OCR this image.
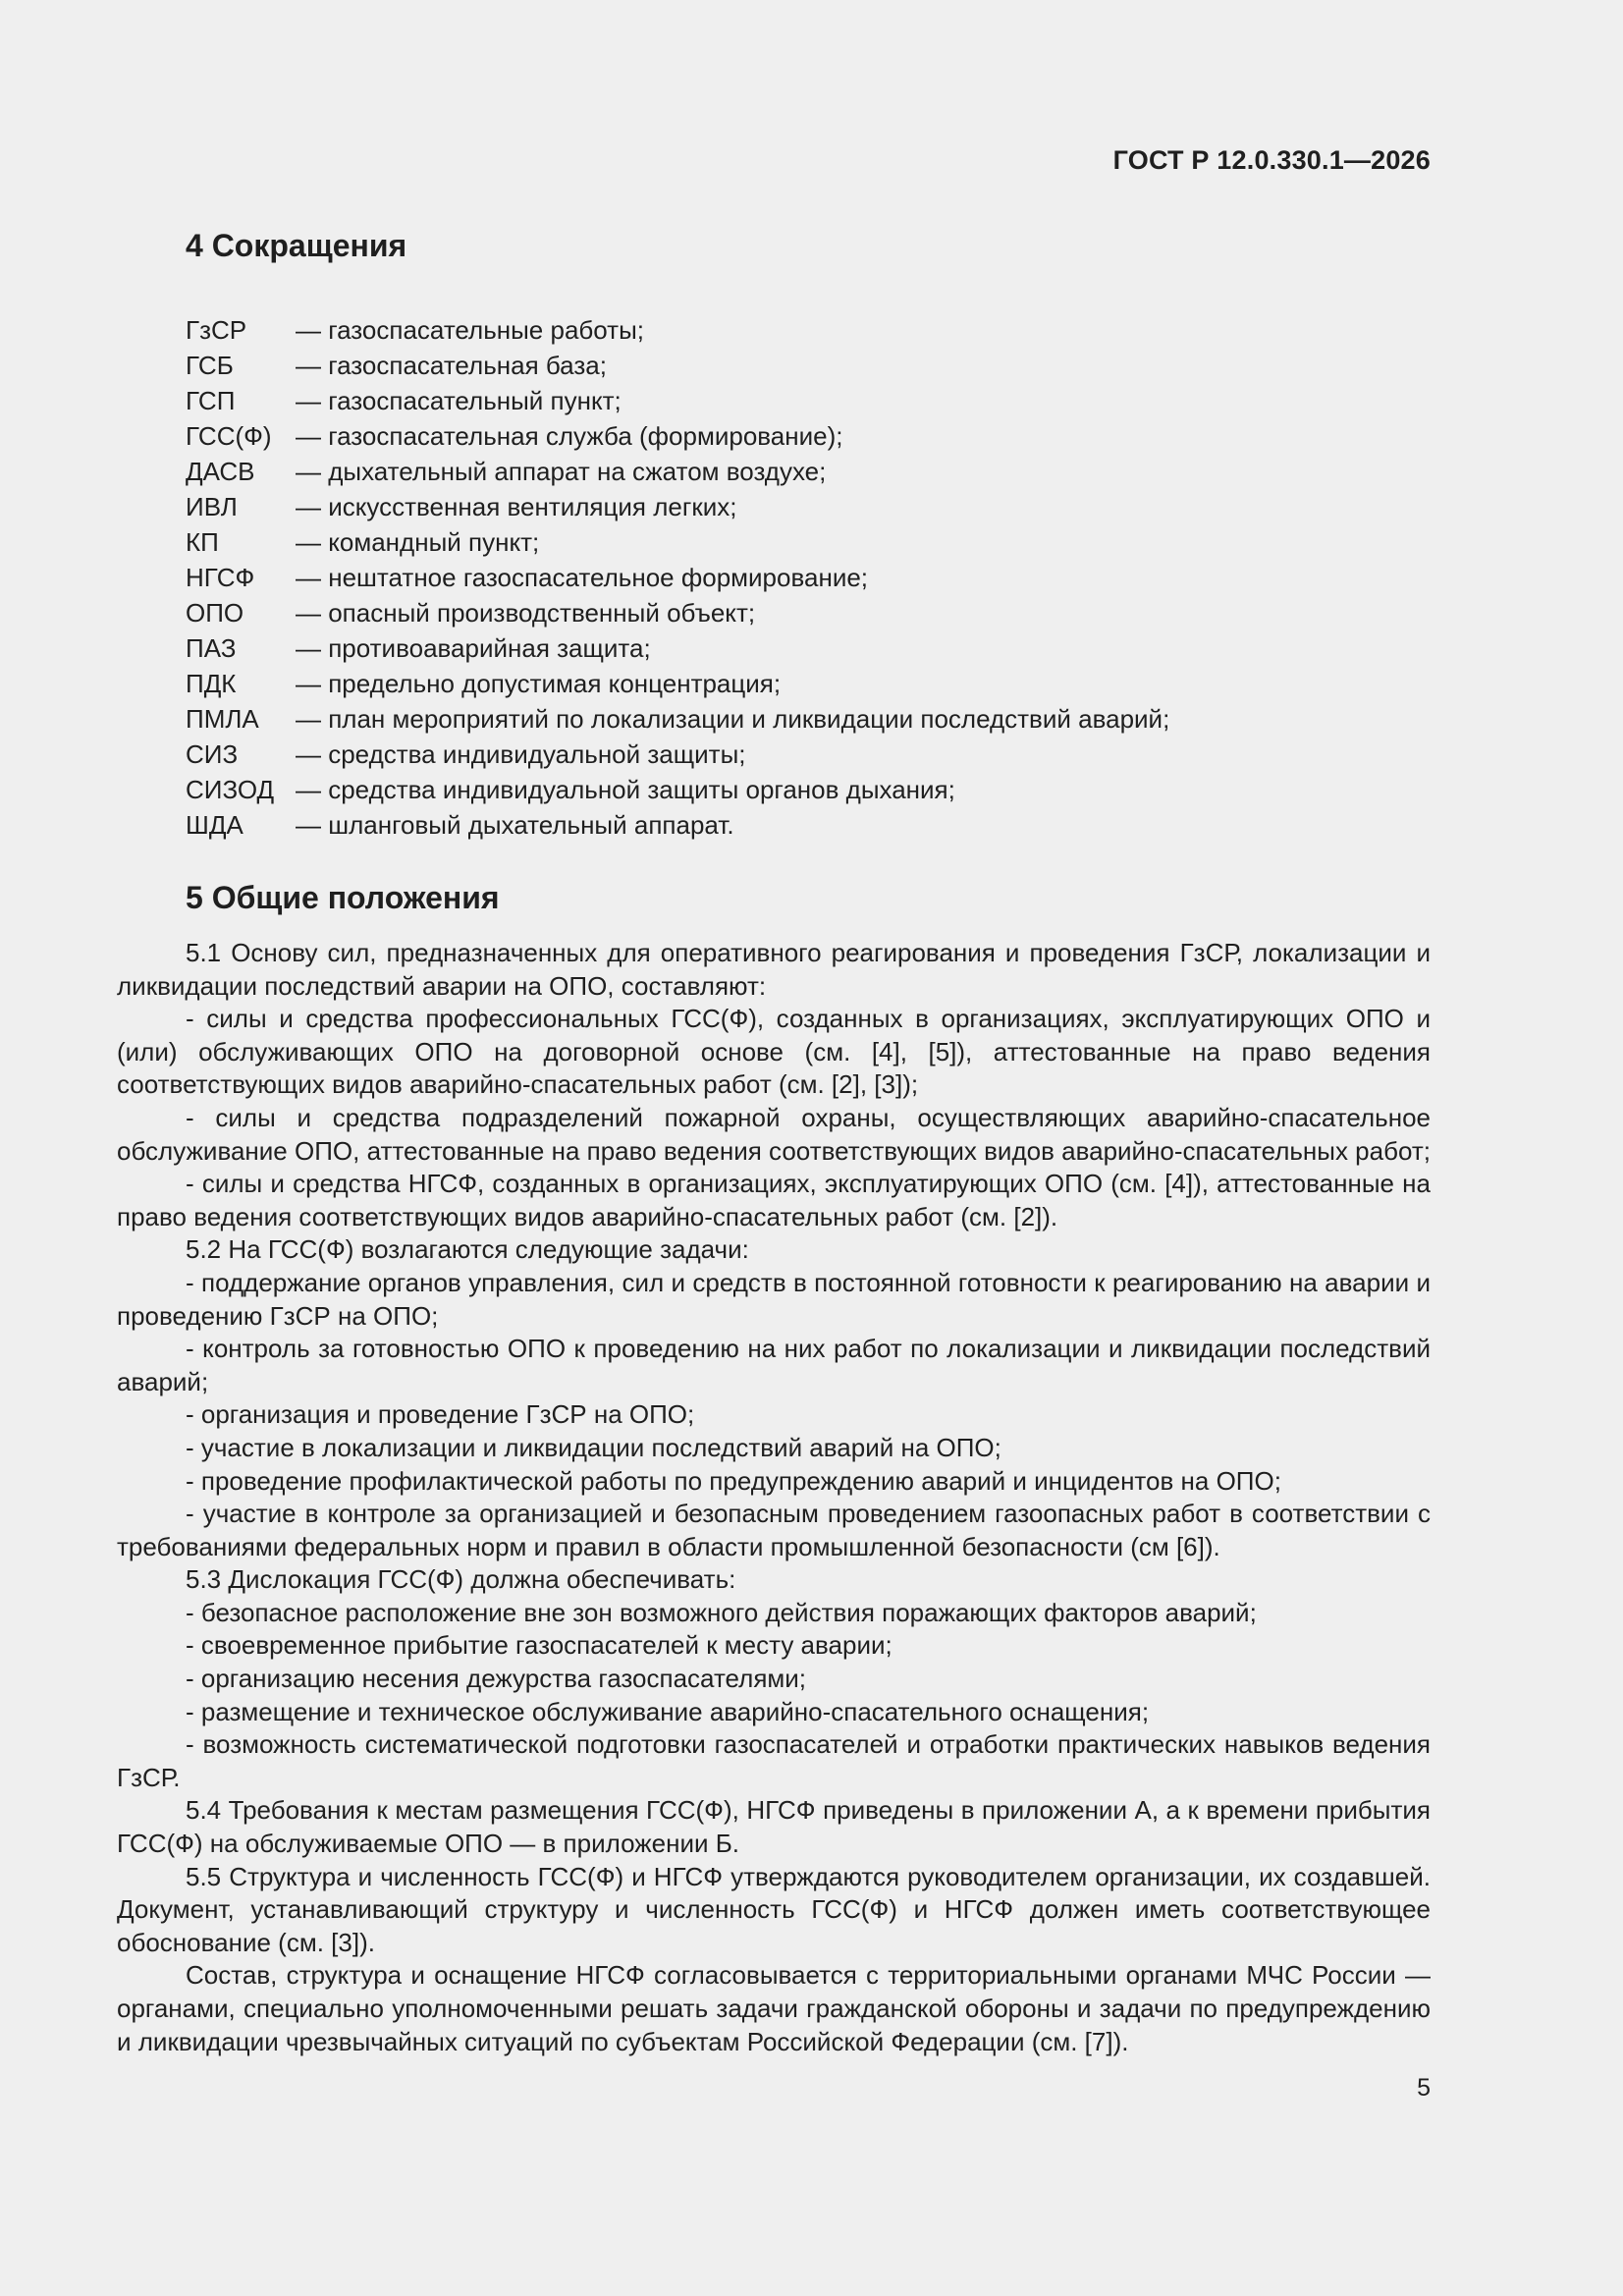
ГОСТ Р 12.0.330.1—2026
4 Сокращения
ГзСР	— газоспасательные работы;
ГСБ	— газоспасательная база;
ГСП	— газоспасательный пункт;
ГСС(Ф) — газоспасательная служба (формирование);
ДАСВ	— дыхательный аппарат на сжатом воздухе;
ИВЛ	— искусственная вентиляция легких;
КП	— командный пункт;
НГСФ	— нештатное газоспасательное формирование;
ОПО	— опасный производственный объект;
ПАЗ	— противоаварийная защита;
ПДК	— предельно допустимая концентрация;
ПМЛА	— план мероприятий по локализации и ликвидации последствий аварий;
СИЗ	— средства индивидуальной защиты;
СИЗОД — средства индивидуальной защиты органов дыхания;
ШДА	— шланговый дыхательный аппарат.
5 Общие положения

5.1 Основу сил, предназначенных для оперативного реагирования и проведения ГзСР, локализации и ликвидации последствий аварии на ОПО, составляют:

- силы и средства профессиональных ГСС(Ф), созданных в организациях, эксплуатирующих ОПО и (или) обслуживающих ОПО на договорной основе (см. [4], [5]), аттестованные на право ведения соответствующих видов аварийно-спасательных работ (см. [2], [3]);

- силы и средства подразделений пожарной охраны, осуществляющих аварийно-спасательное обслуживание ОПО, аттестованные на право ведения соответствующих видов аварийно-спасательных работ;

- силы и средства НГСФ, созданных в организациях, эксплуатирующих ОПО (см. [4]), аттестованные на право ведения соответствующих видов аварийно-спасательных работ (см. [2]).

5.2 На ГСС(Ф) возлагаются следующие задачи:

- поддержание органов управления, сил и средств в постоянной готовности к реагированию на аварии и проведению ГзСР на ОПО;

- контроль за готовностью ОПО к проведению на них работ по локализации и ликвидации последствий аварий;

- организация и проведение ГзСР на ОПО;

- участие в локализации и ликвидации последствий аварий на ОПО;

- проведение профилактической работы по предупреждению аварий и инцидентов на ОПО;

- участие в контроле за организацией и безопасным проведением газоопасных работ в соответствии с требованиями федеральных норм и правил в области промышленной безопасности (см [6]).

5.3 Дислокация ГСС(Ф) должна обеспечивать:

- безопасное расположение вне зон возможного действия поражающих факторов аварий;

- своевременное прибытие газоспасателей к месту аварии;

- организацию несения дежурства газоспасателями;

- размещение и техническое обслуживание аварийно-спасательного оснащения;

- возможность систематической подготовки газоспасателей и отработки практических навыков ведения ГзСР.

5.4 Требования к местам размещения ГСС(Ф), НГСФ приведены в приложении А, а к времени прибытия ГСС(Ф) на обслуживаемые ОПО — в приложении Б.

5.5 Структура и численность ГСС(Ф) и НГСФ утверждаются руководителем организации, их создавшей. Документ, устанавливающий структуру и численность ГСС(Ф) и НГСФ должен иметь соответствующее обоснование (см. [3]).

Состав, структура и оснащение НГСФ согласовывается с территориальными органами МЧС России — органами, специально уполномоченными решать задачи гражданской обороны и задачи по предупреждению и ликвидации чрезвычайных ситуаций по субъектам Российской Федерации (см. [7]).

5
